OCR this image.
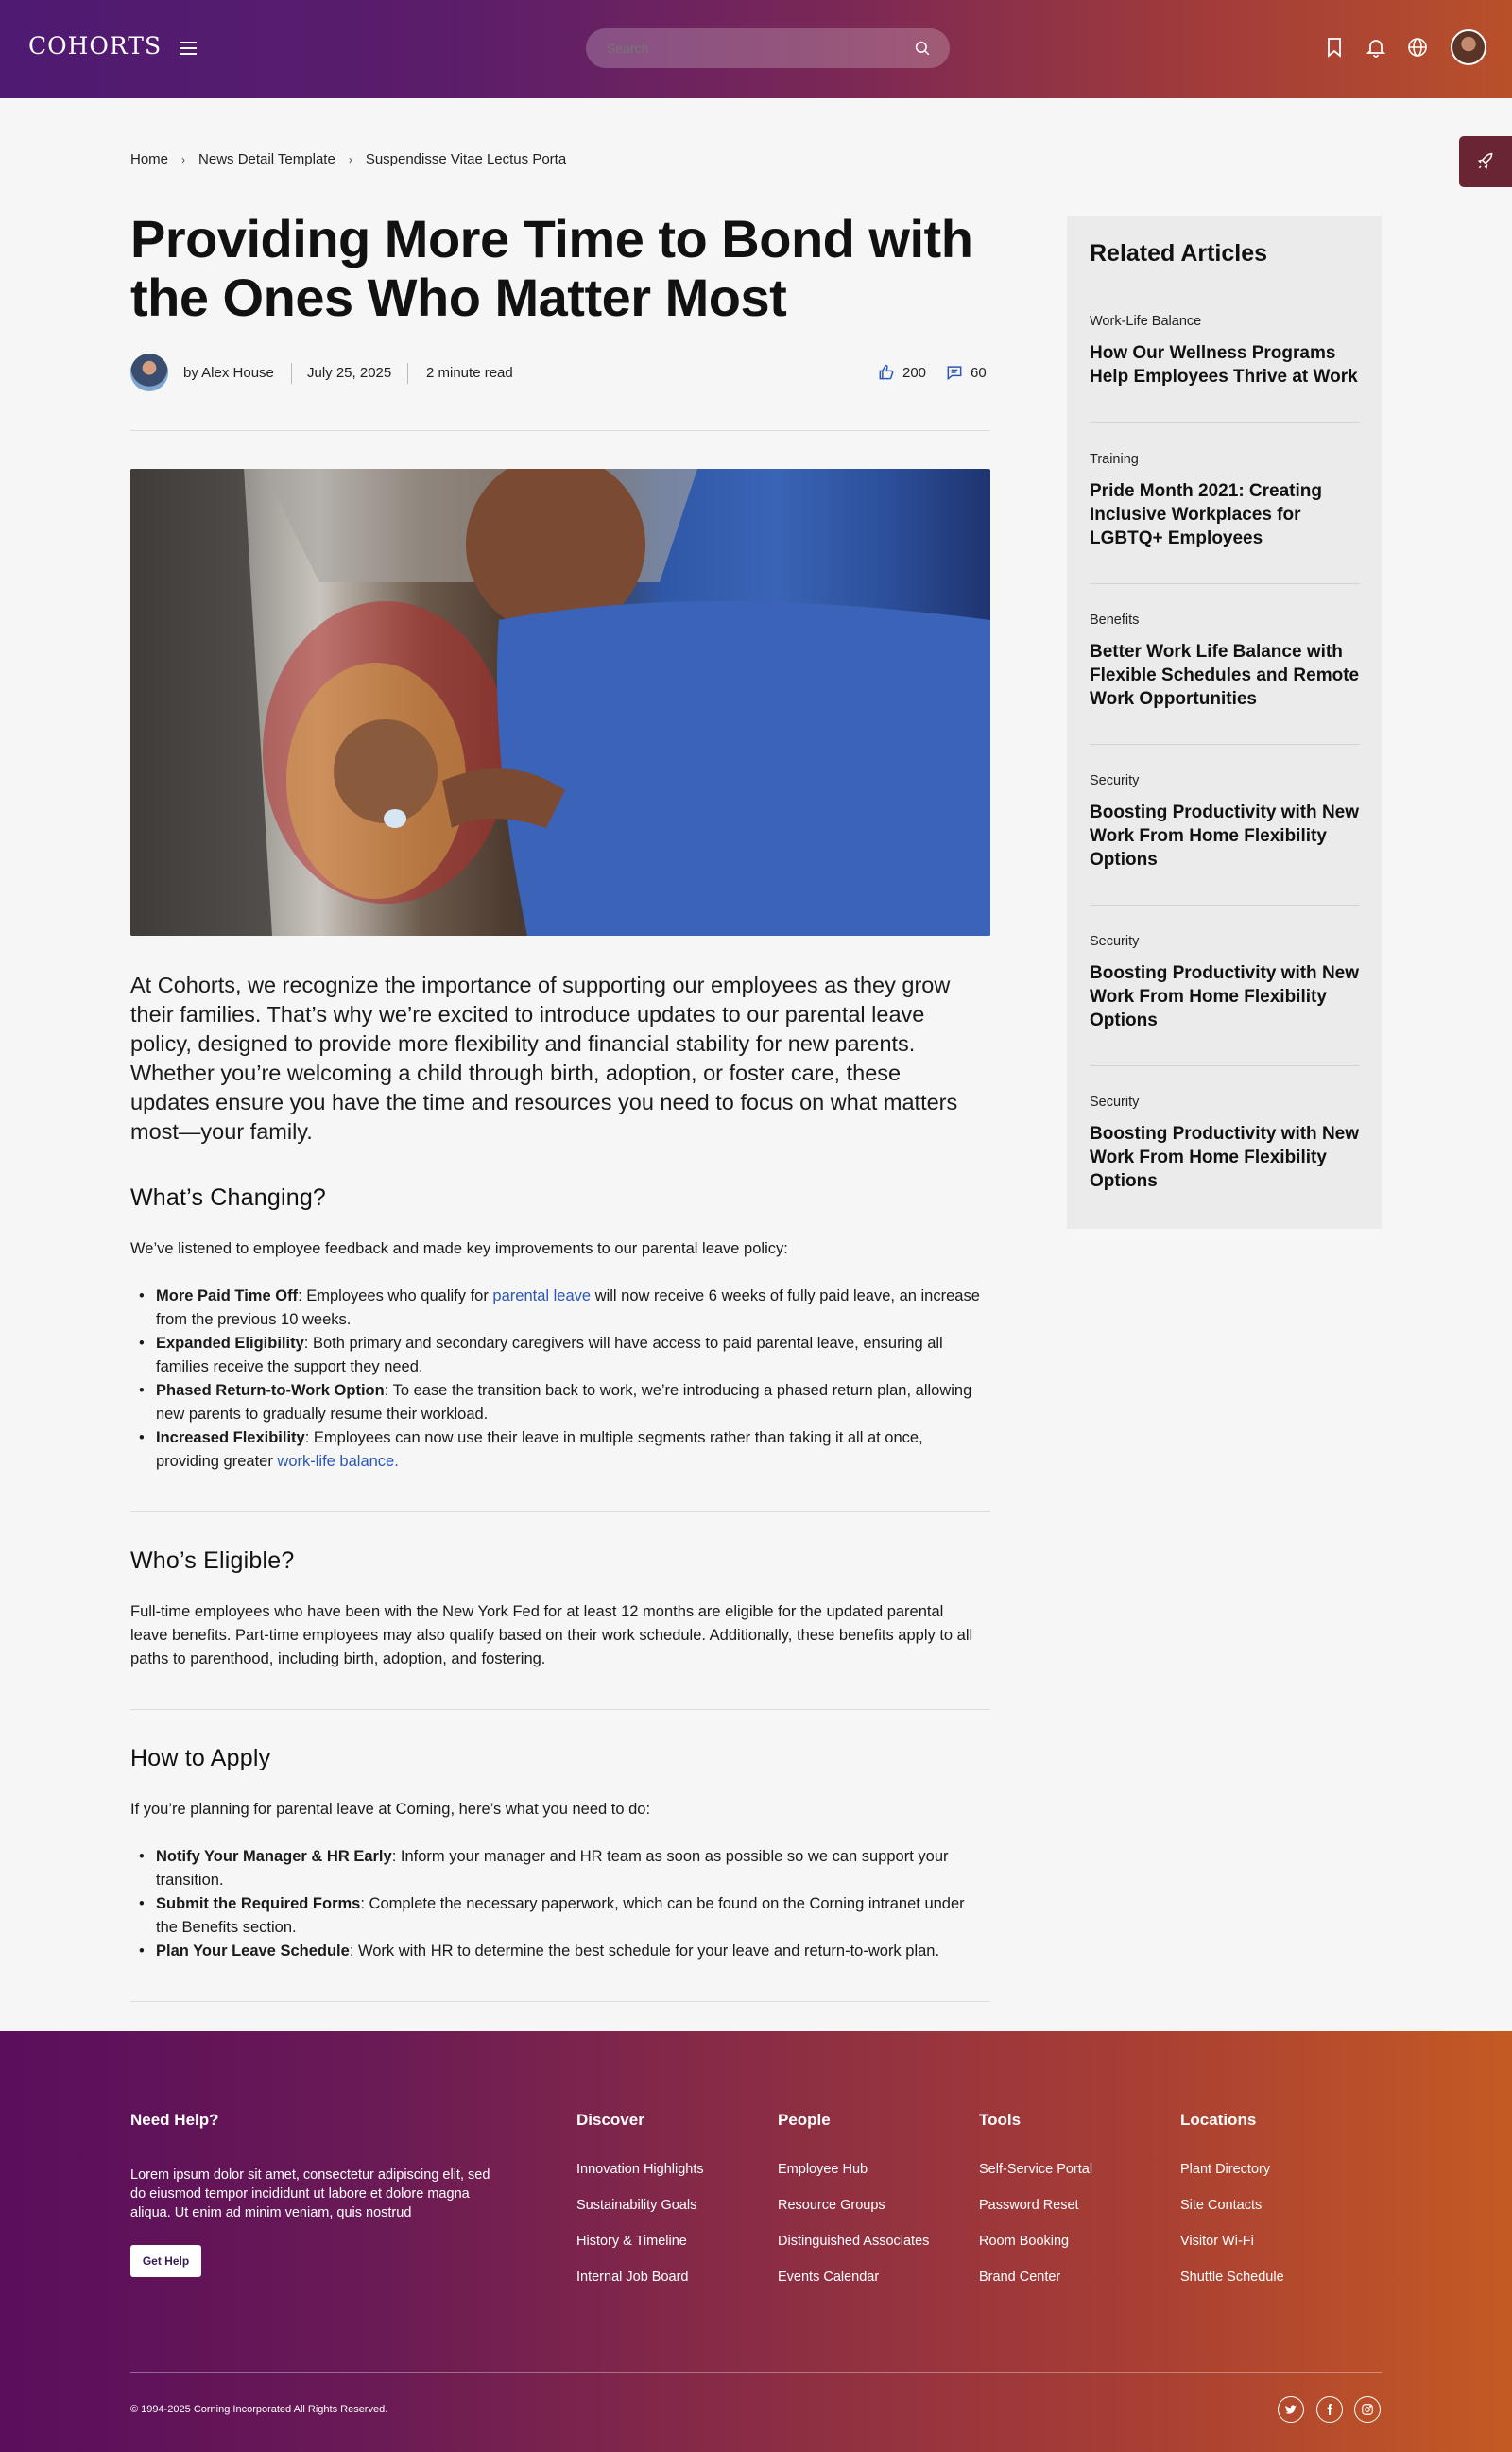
COHORTS
Search
Home › News Detail Template › Suspendisse Vitae Lectus Porta
Providing More Time to Bond with the Ones Who Matter Most
by Alex House July 25, 2025 2 minute read	200	60

At Cohorts, we recognize the importance of supporting our employees as they grow their families. That’s why we’re excited to introduce updates to our parental leave policy, designed to provide more flexibility and financial stability for new parents. Whether you’re welcoming a child through birth, adoption, or foster care, these updates ensure you have the time and resources you need to focus on what matters most—your family.

What’s Changing?

We’ve listened to employee feedback and made key improvements to our parental leave policy:

• More Paid Time Off: Employees who qualify for parental leave will now receive 6 weeks of fully paid leave, an increase from the previous 10 weeks.
• Expanded Eligibility: Both primary and secondary caregivers will have access to paid parental leave, ensuring all families receive the support they need.
• Phased Return-to-Work Option: To ease the transition back to work, we’re introducing a phased return plan, allowing new parents to gradually resume their workload.
• Increased Flexibility: Employees can now use their leave in multiple segments rather than taking it all at once, providing greater work-life balance.
Who’s Eligible?

Full-time employees who have been with the New York Fed for at least 12 months are eligible for the updated parental leave benefits. Part-time employees may also qualify based on their work schedule. Additionally, these benefits apply to all paths to parenthood, including birth, adoption, and fostering.

How to Apply

If you’re planning for parental leave at Corning, here’s what you need to do:

• Notify Your Manager & HR Early: Inform your manager and HR team as soon as possible so we can support your transition.
• Submit the Required Forms: Complete the necessary paperwork, which can be found on the Corning intranet under the Benefits section.
• Plan Your Leave Schedule: Work with HR to determine the best schedule for your leave and return-to-work plan.
Related Articles
Work-Life Balance
How Our Wellness Programs Help Employees Thrive at Work
Training
Pride Month 2021: Creating Inclusive Workplaces for LGBTQ+ Employees
Benefits
Better Work Life Balance with Flexible Schedules and Remote Work Opportunities
Security
Boosting Productivity with New Work From Home Flexibility Options
Security
Boosting Productivity with New Work From Home Flexibility Options
Security
Boosting Productivity with New Work From Home Flexibility Options
Need Help?
Lorem ipsum dolor sit amet, consectetur adipiscing elit, sed do eiusmod tempor incididunt ut labore et dolore magna aliqua. Ut enim ad minim veniam, quis nostrud
Get Help
Discover
Innovation Highlights
Sustainability Goals
History & Timeline
Internal Job Board
People
Employee Hub
Resource Groups
Distinguished Associates
Events Calendar
Tools
Self-Service Portal
Password Reset
Room Booking
Brand Center
Locations
Plant Directory
Site Contacts
Visitor Wi-Fi
Shuttle Schedule
© 1994-2025 Corning Incorporated All Rights Reserved.
